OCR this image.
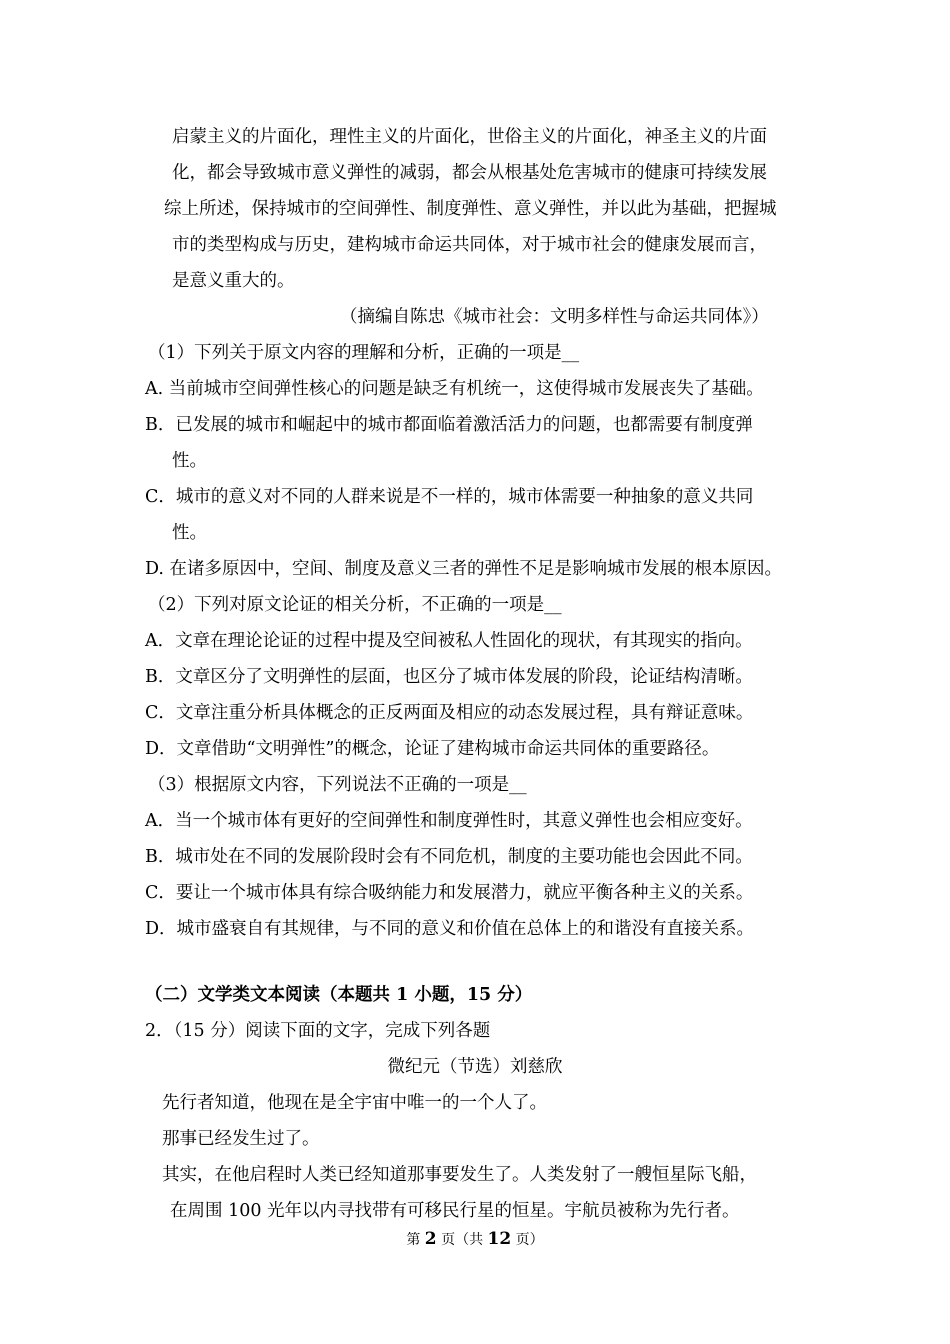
启蒙主义的片面化，理性主义的片面化，世俗主义的片面化，神圣主义的片面

化，都会导致城市意义弹性的减弱，都会从根基处危害城市的健康可持续发展

综上所述，保持城市的空间弹性、制度弹性、意义弹性，并以此为基础，把握城

市的类型构成与历史，建构城市命运共同体，对于城市社会的健康发展而言，

是意义重大的。

（摘编自陈忠《城市社会：文明多样性与命运共同体》）

（1）下列关于原文内容的理解和分析，正确的一项是__

A. 当前城市空间弹性核心的问题是缺乏有机统一，这使得城市发展丧失了基础。

B．已发展的城市和崛起中的城市都面临着激活活力的问题，也都需要有制度弹

性。

C．城市的意义对不同的人群来说是不一样的，城市体需要一种抽象的意义共同

性。

D. 在诸多原因中，空间、制度及意义三者的弹性不足是影响城市发展的根本原因。

（2）下列对原文论证的相关分析，不正确的一项是__

A．文章在理论论证的过程中提及空间被私人性固化的现状，有其现实的指向。

B．文章区分了文明弹性的层面，也区分了城市体发展的阶段，论证结构清晰。

C．文章注重分析具体概念的正反两面及相应的动态发展过程，具有辩证意味。

D．文章借助“文明弹性”的概念，论证了建构城市命运共同体的重要路径。

（3）根据原文内容，下列说法不正确的一项是__

A．当一个城市体有更好的空间弹性和制度弹性时，其意义弹性也会相应变好。

B．城市处在不同的发展阶段时会有不同危机，制度的主要功能也会因此不同。

C．要让一个城市体具有综合吸纳能力和发展潜力，就应平衡各种主义的关系。

D．城市盛衰自有其规律，与不同的意义和价值在总体上的和谐没有直接关系。

（二）文学类文本阅读（本题共 1 小题，15 分）

2．（15 分）阅读下面的文字，完成下列各题

微纪元（节选）刘慈欣

先行者知道，他现在是全宇宙中唯一的一个人了。

那事已经发生过了。

其实，在他启程时人类已经知道那事要发生了。人类发射了一艘恒星际飞船，

在周围 100 光年以内寻找带有可移民行星的恒星。宇航员被称为先行者。

第 2 页（共 12 页）
